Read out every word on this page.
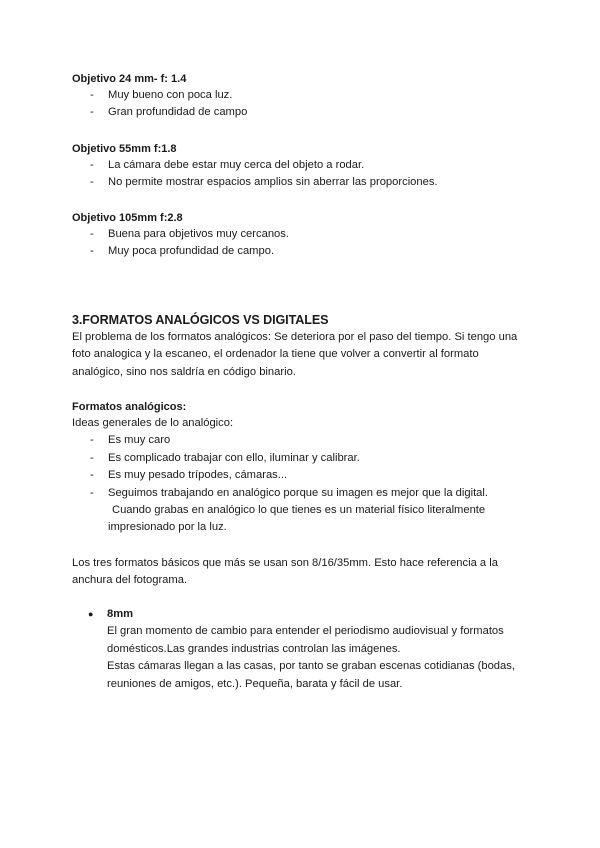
Objetivo 24 mm- f: 1.4
- Muy bueno con poca luz.
- Gran profundidad de campo
Objetivo 55mm f:1.8
- La cámara debe estar muy cerca del objeto a rodar.
- No permite mostrar espacios amplios sin aberrar las proporciones.
Objetivo 105mm f:2.8
- Buena para objetivos muy cercanos.
- Muy poca profundidad de campo.
3.FORMATOS ANALÓGICOS VS DIGITALES
El problema de los formatos analógicos: Se deteriora por el paso del tiempo. Si tengo una
foto analogica y la escaneo, el ordenador la tiene que volver a convertir al formato
analógico, sino nos saldría en código binario.
Formatos analógicos:
Ideas generales de lo analógico:
- Es muy caro
- Es complicado trabajar con ello, iluminar y calibrar.
- Es muy pesado trípodes, cámaras...
- Seguimos trabajando en analógico porque su imagen es mejor que la digital.
Cuando grabas en analógico lo que tienes es un material físico literalmente
impresionado por la luz.
Los tres formatos básicos que más se usan son 8/16/35mm. Esto hace referencia a la
anchura del fotograma.
● 8mm
El gran momento de cambio para entender el periodismo audiovisual y formatos
domésticos.Las grandes industrias controlan las imágenes.
Estas cámaras llegan a las casas, por tanto se graban escenas cotidianas (bodas,
reuniones de amigos, etc.). Pequeña, barata y fácil de usar.
